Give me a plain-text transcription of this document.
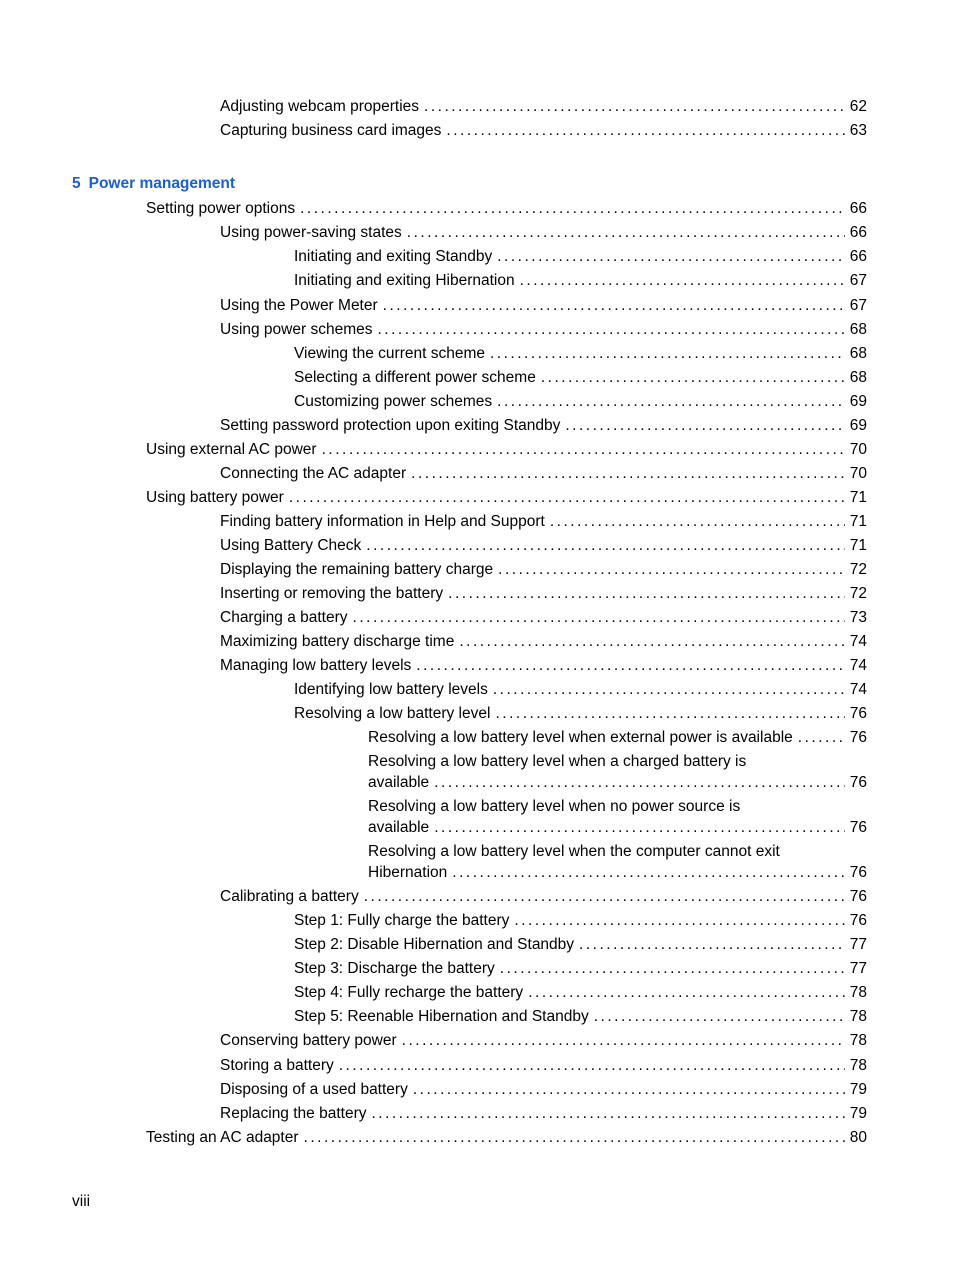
Adjusting webcam properties . . .	62
Capturing business card images . . .	63
Setting power options . . .	66
Using power-saving states . . .	66
Initiating and exiting Standby . . .	66
Initiating and exiting Hibernation . . .	67
Using the Power Meter . . .	67
Using power schemes . . .	68
Viewing the current scheme . . .	68
Selecting a different power scheme . . .	68
Customizing power schemes . . .	69
Setting password protection upon exiting Standby . . .	69
Using external AC power . . .	70
Connecting the AC adapter . . .	70
Using battery power . . .	71
Finding battery information in Help and Support . . .	71
Using Battery Check . . .	71
Displaying the remaining battery charge . . .	72
Inserting or removing the battery . . .	72
Charging a battery . . .	73
Maximizing battery discharge time . . .	74
Managing low battery levels . . .	74
Identifying low battery levels . . .	74
Resolving a low battery level . . .	76
Resolving a low battery level when external power is available . . .	76
Resolving a low battery level when a charged battery is
available . . .	76
Resolving a low battery level when no power source is
available . . .	76
Resolving a low battery level when the computer cannot exit
Hibernation . . .	76
Calibrating a battery . . .	76
Step 1: Fully charge the battery . . .	76
Step 2: Disable Hibernation and Standby . . .	77
Step 3: Discharge the battery . . .	77
Step 4: Fully recharge the battery . . .	78
Step 5: Reenable Hibernation and Standby . . .	78
Conserving battery power . . .	78
Storing a battery . . .	78
Disposing of a used battery . . .	79
Replacing the battery . . .	79
Testing an AC adapter . . .	80
5 Power management
viii
